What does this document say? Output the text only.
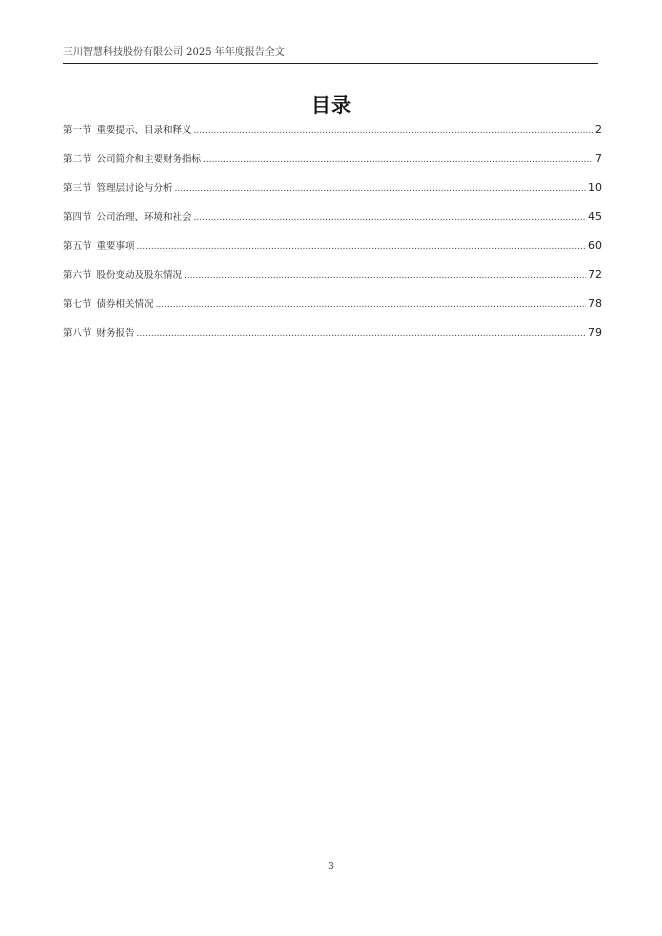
三川智慧科技股份有限公司 2025 年年度报告全文
目录
第一节 重要提示、目录和释义 .....	2
第二节 公司简介和主要财务指标 .....	7
第三节 管理层讨论与分析 .....	10
第四节 公司治理、环境和社会 .....	45
第五节 重要事项 .....	60
第六节 股份变动及股东情况 .....	72
第七节 债券相关情况 .....	78
第八节 财务报告 .....	79
3
